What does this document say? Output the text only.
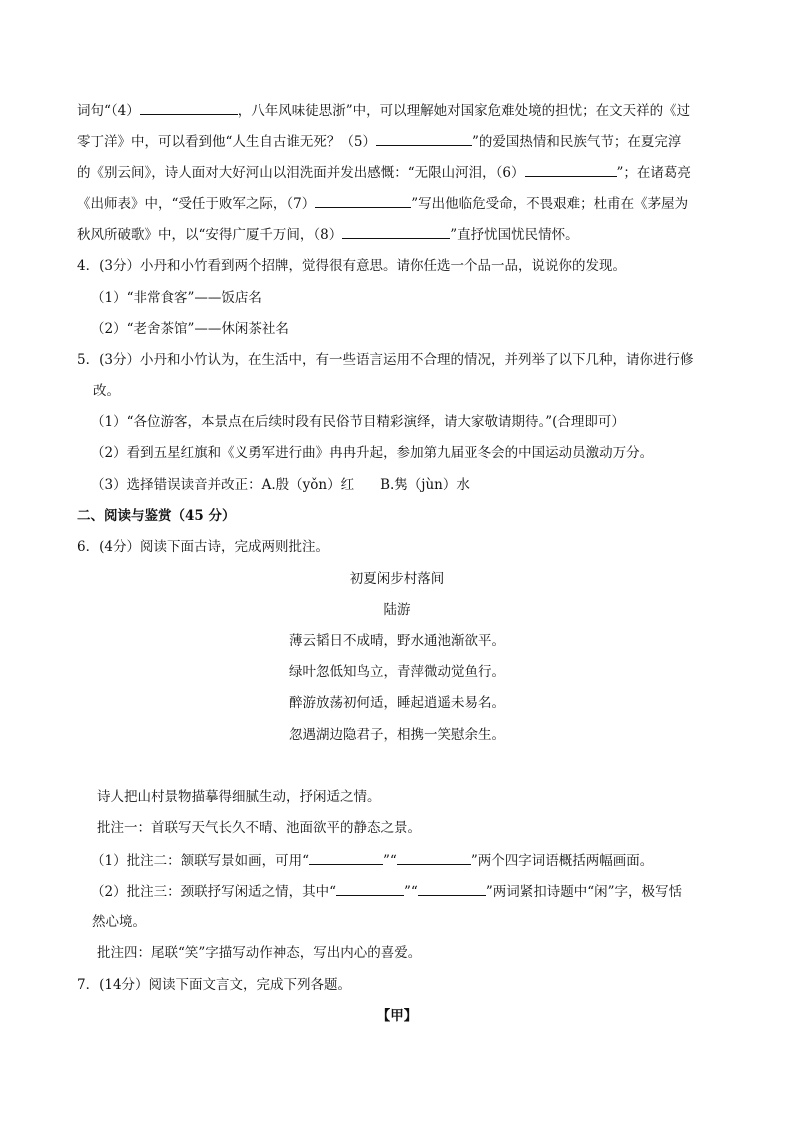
词句“（4）	，八年风味徒思浙”中，可以理解她对国家危难处境的担忧；在文天祥的《过
零丁洋》中，可以看到他“人生自古谁无死？（5）	”的爱国热情和民族气节；在夏完淳
的《别云间》，诗人面对大好河山以泪洗面并发出感慨：“无限山河泪，（6）	”；在诸葛亮
《出师表》中，“受任于败军之际，（7）	”写出他临危受命，不畏艰难；杜甫在《茅屋为
秋风所破歌》中，以“安得广厦千万间，（8）	”直抒忧国忧民情怀。
4．(3分）小丹和小竹看到两个招牌，觉得很有意思。请你任选一个品一品，说说你的发现。
（1）“非常食客”——饭店名
（2）“老舍茶馆”——休闲茶社名
5．(3分）小丹和小竹认为，在生活中，有一些语言运用不合理的情况，并列举了以下几种，请你进行修
改。
（1）“各位游客，本景点在后续时段有民俗节目精彩演绎，请大家敬请期待。”(合理即可）
（2）看到五星红旗和《义勇军进行曲》冉冉升起，参加第九届亚冬会的中国运动员激动万分。
（3）选择错误读音并改正：A.殷（yǒn）红 B.隽（jùn）水
二、阅读与鉴赏（45 分）
6．(4分）阅读下面古诗，完成两则批注。
初夏闲步村落间
陆游
薄云韬日不成晴，野水通池渐欲平。
绿叶忽低知鸟立，青萍微动觉鱼行。
醉游放荡初何适，睡起逍遥未易名。
忽遇湖边隐君子，相携一笑慰余生。
诗人把山村景物描摹得细腻生动，抒闲适之情。
批注一：首联写天气长久不晴、池面欲平的静态之景。
（1）批注二：颔联写景如画，可用“	”“	”两个四字词语概括两幅画面。
（2）批注三：颈联抒写闲适之情，其中“	”“	”两词紧扣诗题中“闲”字，极写恬
然心境。
批注四：尾联“笑”字描写动作神态，写出内心的喜爱。
7．(14分）阅读下面文言文，完成下列各题。
【甲】
